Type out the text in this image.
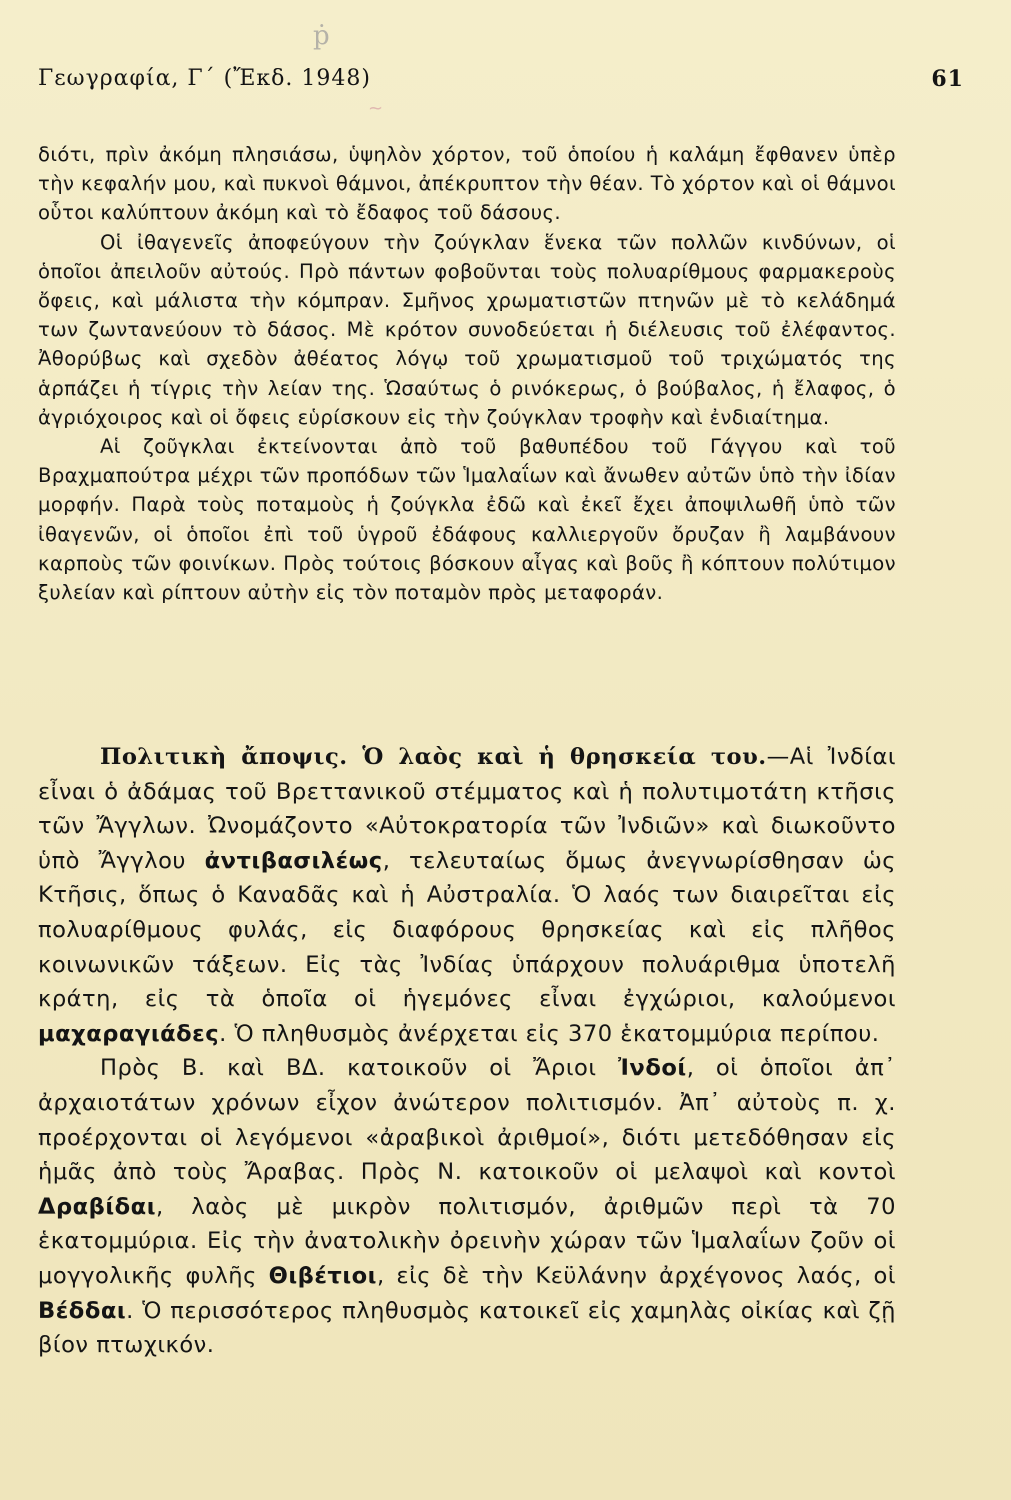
ṗ
~
Γεωγραφία, Γ΄ (Ἔκδ. 1948)	61

διότι, πρὶν ἀκόμη πλησιάσω, ὑψηλὸν χόρτον, τοῦ ὁποίου ἡ καλάμη ἔφθανεν ὑπὲρ τὴν κεφαλήν μου, καὶ πυκνοὶ θάμνοι, ἀπέκρυπτον τὴν θέαν. Τὸ χόρτον καὶ οἱ θάμνοι οὗτοι καλύπτουν ἀκόμη καὶ τὸ ἔδαφος τοῦ δάσους.

Οἱ ἰθαγενεῖς ἀποφεύγουν τὴν ζούγκλαν ἕνεκα τῶν πολλῶν κινδύνων, οἱ ὁποῖοι ἀπειλοῦν αὐτούς. Πρὸ πάντων φοβοῦνται τοὺς πολυαρίθμους φαρμακεροὺς ὄφεις, καὶ μάλιστα τὴν κόμπραν. Σμῆνος χρωματιστῶν πτηνῶν μὲ τὸ κελάδημά των ζωντανεύουν τὸ δάσος. Μὲ κρότον συνοδεύεται ἡ διέλευσις τοῦ ἐλέφαντος. Ἀθορύβως καὶ σχεδὸν ἀθέατος λόγῳ τοῦ χρωματισμοῦ τοῦ τριχώματός της ἁρπάζει ἡ τίγρις τὴν λείαν της. Ὡσαύτως ὁ ρινόκερως, ὁ βούβαλος, ἡ ἔλαφος, ὁ ἀγριόχοιρος καὶ οἱ ὄφεις εὑρίσκουν εἰς τὴν ζούγκλαν τροφὴν καὶ ἐνδιαίτημα.

Αἱ ζοῦγκλαι ἐκτείνονται ἀπὸ τοῦ βαθυπέδου τοῦ Γάγγου καὶ τοῦ Βραχμαπούτρα μέχρι τῶν προπόδων τῶν Ἱμαλαΐων καὶ ἄνωθεν αὐτῶν ὑπὸ τὴν ἰδίαν μορφήν. Παρὰ τοὺς ποταμοὺς ἡ ζούγκλα ἐδῶ καὶ ἐκεῖ ἔχει ἀποψιλωθῆ ὑπὸ τῶν ἰθαγενῶν, οἱ ὁποῖοι ἐπὶ τοῦ ὑγροῦ ἐδάφους καλλιεργοῦν ὄρυζαν ἢ λαμβάνουν καρποὺς τῶν φοινίκων. Πρὸς τούτοις βόσκουν αἶγας καὶ βοῦς ἢ κόπτουν πολύτιμον ξυλείαν καὶ ρίπτουν αὐτὴν εἰς τὸν ποταμὸν πρὸς μεταφοράν.

Πολιτικὴ ἄποψις. Ὁ λαὸς καὶ ἡ θρησκεία του.—Αἱ Ἰνδίαι εἶναι ὁ ἀδάμας τοῦ Βρεττανικοῦ στέμματος καὶ ἡ πολυτιμοτάτη κτῆσις τῶν Ἄγγλων. Ὠνομάζοντο «Αὐτοκρατορία τῶν Ἰνδιῶν» καὶ διωκοῦντο ὑπὸ Ἄγγλου ἀντιβασιλέως, τελευταίως ὅμως ἀνεγνωρίσθησαν ὡς Κτῆσις, ὅπως ὁ Καναδᾶς καὶ ἡ Αὐστραλία. Ὁ λαός των διαιρεῖται εἰς πολυαρίθμους φυλάς, εἰς διαφόρους θρησκείας καὶ εἰς πλῆθος κοινωνικῶν τάξεων. Εἰς τὰς Ἰνδίας ὑπάρχουν πολυάριθμα ὑποτελῆ κράτη, εἰς τὰ ὁποῖα οἱ ἡγεμόνες εἶναι ἐγχώριοι, καλούμενοι μαχαραγιάδες. Ὁ πληθυσμὸς ἀνέρχεται εἰς 370 ἑκατομμύρια περίπου.

Πρὸς Β. καὶ ΒΔ. κατοικοῦν οἱ Ἄριοι Ἰνδοί, οἱ ὁποῖοι ἀπ᾿ ἀρχαιοτάτων χρόνων εἶχον ἀνώτερον πολιτισμόν. Ἀπ᾿ αὐτοὺς π. χ. προέρχονται οἱ λεγόμενοι «ἀραβικοὶ ἀριθμοί», διότι μετεδόθησαν εἰς ἡμᾶς ἀπὸ τοὺς Ἄραβας. Πρὸς Ν. κατοικοῦν οἱ μελαψοὶ καὶ κοντοὶ Δραβίδαι, λαὸς μὲ μικρὸν πολιτισμόν, ἀριθμῶν περὶ τὰ 70 ἑκατομμύρια. Εἰς τὴν ἀνατολικὴν ὀρεινὴν χώραν τῶν Ἱμαλαΐων ζοῦν οἱ μογγολικῆς φυλῆς Θιβέτιοι, εἰς δὲ τὴν Κεϋλάνην ἀρχέγονος λαός, οἱ Βέδδαι. Ὁ περισσότερος πληθυσμὸς κατοικεῖ εἰς χαμηλὰς οἰκίας καὶ ζῇ βίον πτωχικόν.
